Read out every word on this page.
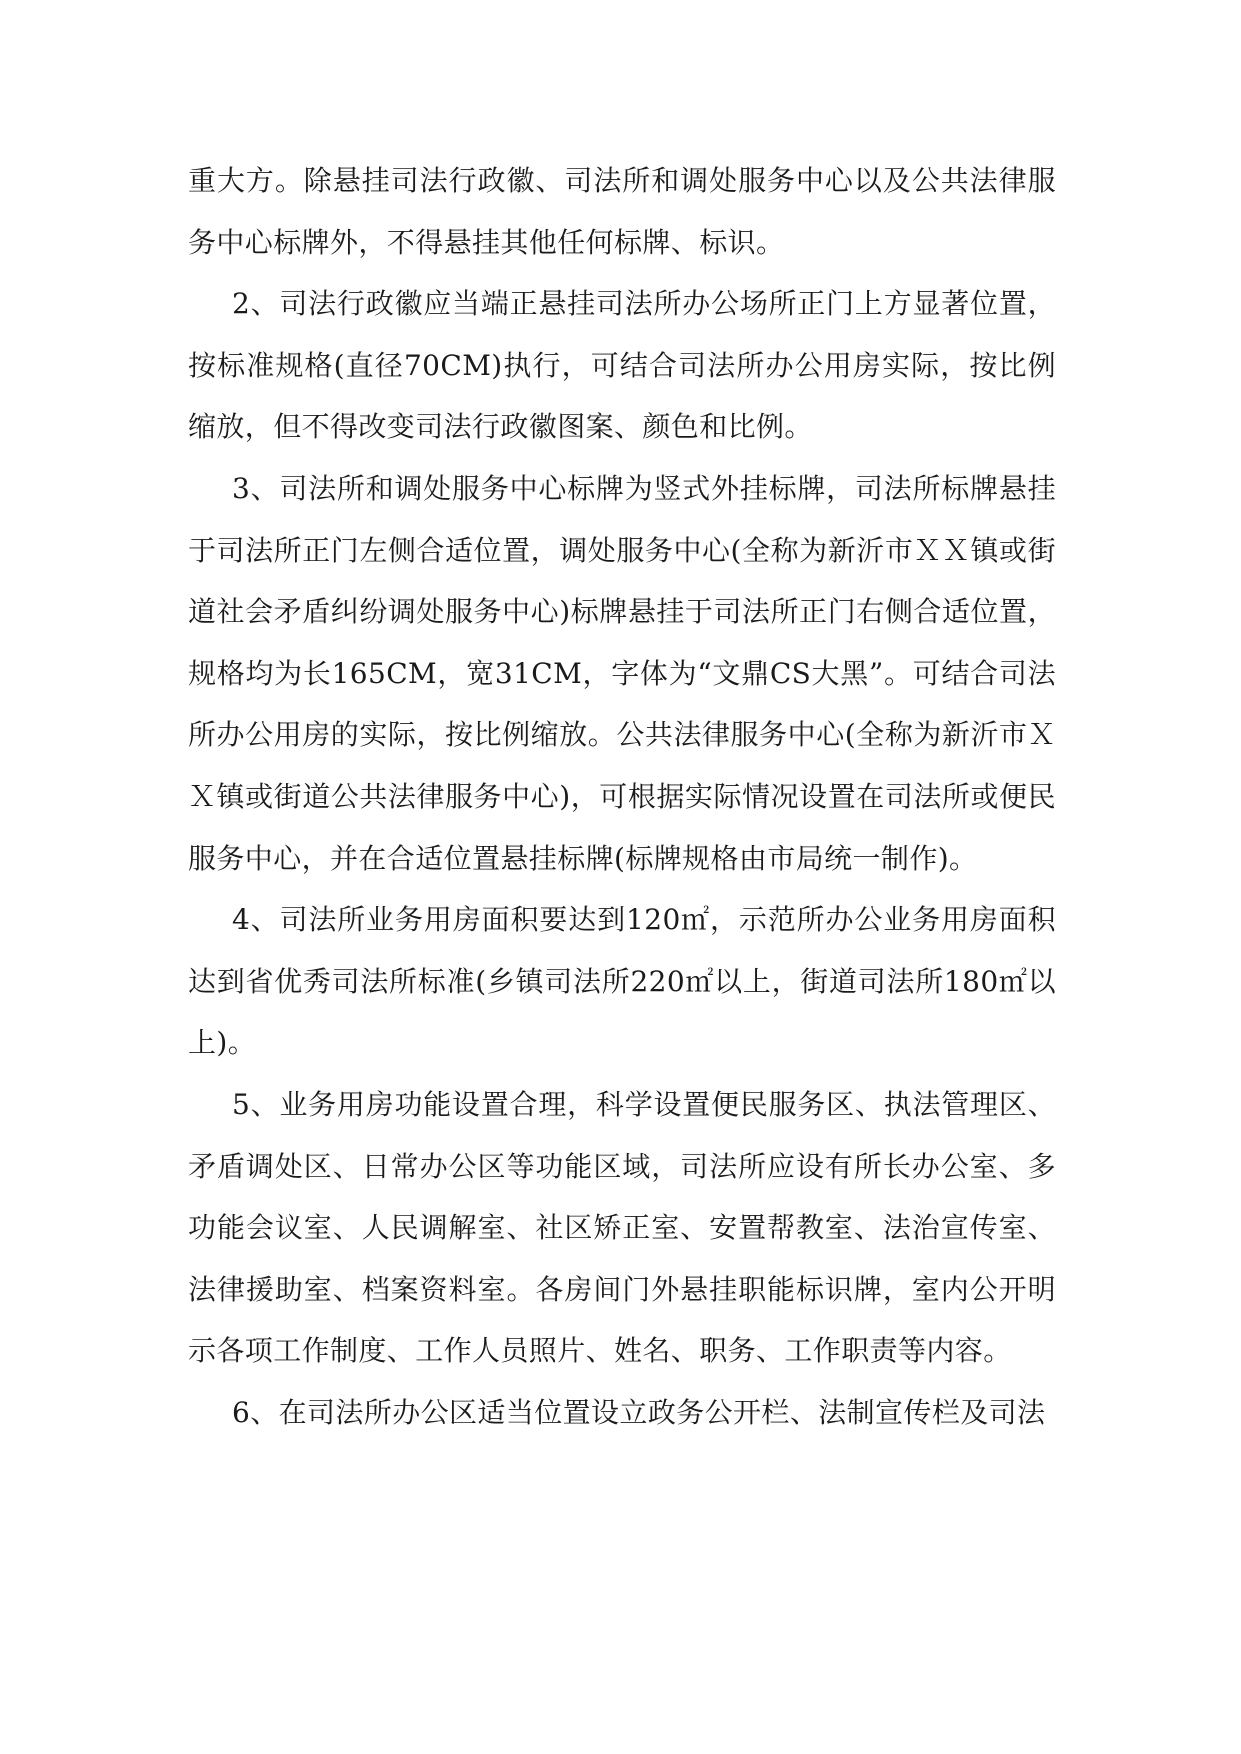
重大方。除悬挂司法行政徽、司法所和调处服务中心以及公共法律服务中心标牌外，不得悬挂其他任何标牌、标识。

2、司法行政徽应当端正悬挂司法所办公场所正门上方显著位置，按标准规格(直径70CM)执行，可结合司法所办公用房实际，按比例缩放，但不得改变司法行政徽图案、颜色和比例。

3、司法所和调处服务中心标牌为竖式外挂标牌，司法所标牌悬挂于司法所正门左侧合适位置，调处服务中心(全称为新沂市ＸＸ镇或街道社会矛盾纠纷调处服务中心)标牌悬挂于司法所正门右侧合适位置，规格均为长165CM，宽31CM，字体为“文鼎CS大黑”。可结合司法所办公用房的实际，按比例缩放。公共法律服务中心(全称为新沂市ＸＸ镇或街道公共法律服务中心)，可根据实际情况设置在司法所或便民服务中心，并在合适位置悬挂标牌(标牌规格由市局统一制作)。

4、司法所业务用房面积要达到120㎡，示范所办公业务用房面积达到省优秀司法所标准(乡镇司法所220㎡以上，街道司法所180㎡以上)。

5、业务用房功能设置合理，科学设置便民服务区、执法管理区、矛盾调处区、日常办公区等功能区域，司法所应设有所长办公室、多功能会议室、人民调解室、社区矫正室、安置帮教室、法治宣传室、法律援助室、档案资料室。各房间门外悬挂职能标识牌，室内公开明示各项工作制度、工作人员照片、姓名、职务、工作职责等内容。

6、在司法所办公区适当位置设立政务公开栏、法制宣传栏及司法
